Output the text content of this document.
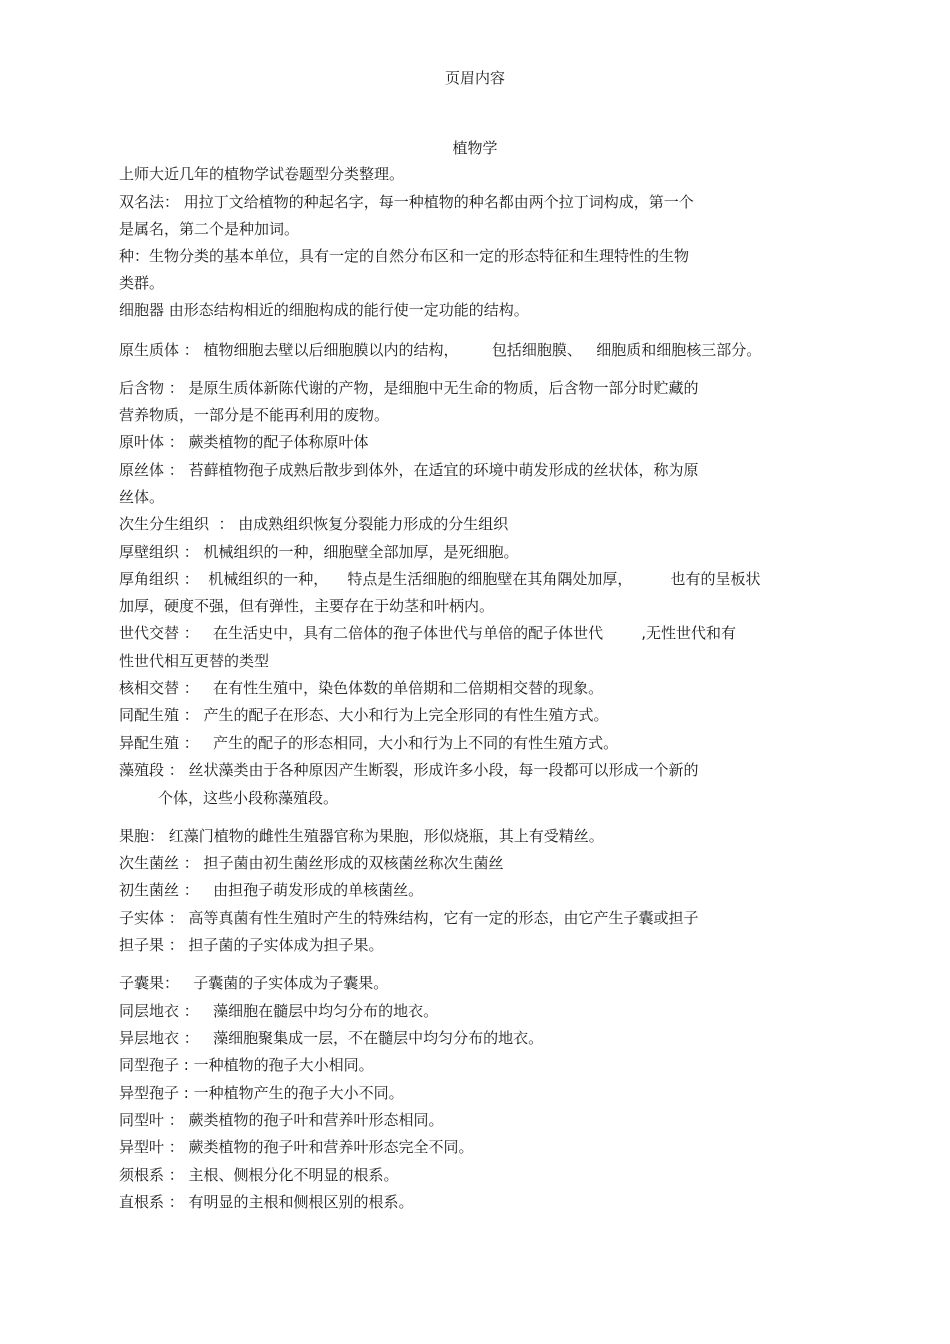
页眉内容
植物学
上师大近几年的植物学试卷题型分类整理。
双名法： 用拉丁文给植物的种起名字，每一种植物的种名都由两个拉丁词构成，第一个
是属名，第二个是种加词。
种：生物分类的基本单位，具有一定的自然分布区和一定的形态特征和生理特性的生物
类群。
细胞器 由形态结构相近的细胞构成的能行使一定功能的结构。
原生质体 ： 植物细胞去壁以后细胞膜以内的结构，       包括细胞膜、   细胞质和细胞核三部分。
后含物 ： 是原生质体新陈代谢的产物，是细胞中无生命的物质，后含物一部分时贮藏的
营养物质，一部分是不能再利用的废物。
原叶体 ： 蕨类植物的配子体称原叶体
原丝体 ： 苔藓植物孢子成熟后散步到体外，在适宜的环境中萌发形成的丝状体，称为原
丝体。
次生分生组织  ： 由成熟组织恢复分裂能力形成的分生组织
厚壁组织 ： 机械组织的一种，细胞壁全部加厚，是死细胞。
厚角组织 ：  机械组织的一种，    特点是生活细胞的细胞壁在其角隅处加厚，        也有的呈板状
加厚，硬度不强，但有弹性，主要存在于幼茎和叶柄内。
世代交替 ：   在生活史中，具有二倍体的孢子体世代与单倍的配子体世代        ,无性世代和有
性世代相互更替的类型
核相交替 ：   在有性生殖中，染色体数的单倍期和二倍期相交替的现象。
同配生殖 ： 产生的配子在形态、大小和行为上完全形同的有性生殖方式。
异配生殖 ：   产生的配子的形态相同，大小和行为上不同的有性生殖方式。
藻殖段 ： 丝状藻类由于各种原因产生断裂，形成许多小段，每一段都可以形成一个新的
个体，这些小段称藻殖段。
果胞： 红藻门植物的雌性生殖器官称为果胞，形似烧瓶，其上有受精丝。
次生菌丝 ： 担子菌由初生菌丝形成的双核菌丝称次生菌丝
初生菌丝 ：   由担孢子萌发形成的单核菌丝。
子实体 ： 高等真菌有性生殖时产生的特殊结构，它有一定的形态，由它产生子囊或担子
担子果 ： 担子菌的子实体成为担子果。
子囊果：   子囊菌的子实体成为子囊果。
同层地衣 ：   藻细胞在髓层中均匀分布的地衣。
异层地衣 ：   藻细胞聚集成一层，不在髓层中均匀分布的地衣。
同型孢子 : 一种植物的孢子大小相同。
异型孢子 : 一种植物产生的孢子大小不同。
同型叶 ： 蕨类植物的孢子叶和营养叶形态相同。
异型叶 ： 蕨类植物的孢子叶和营养叶形态完全不同。
须根系 ： 主根、侧根分化不明显的根系。
直根系 ： 有明显的主根和侧根区别的根系。
